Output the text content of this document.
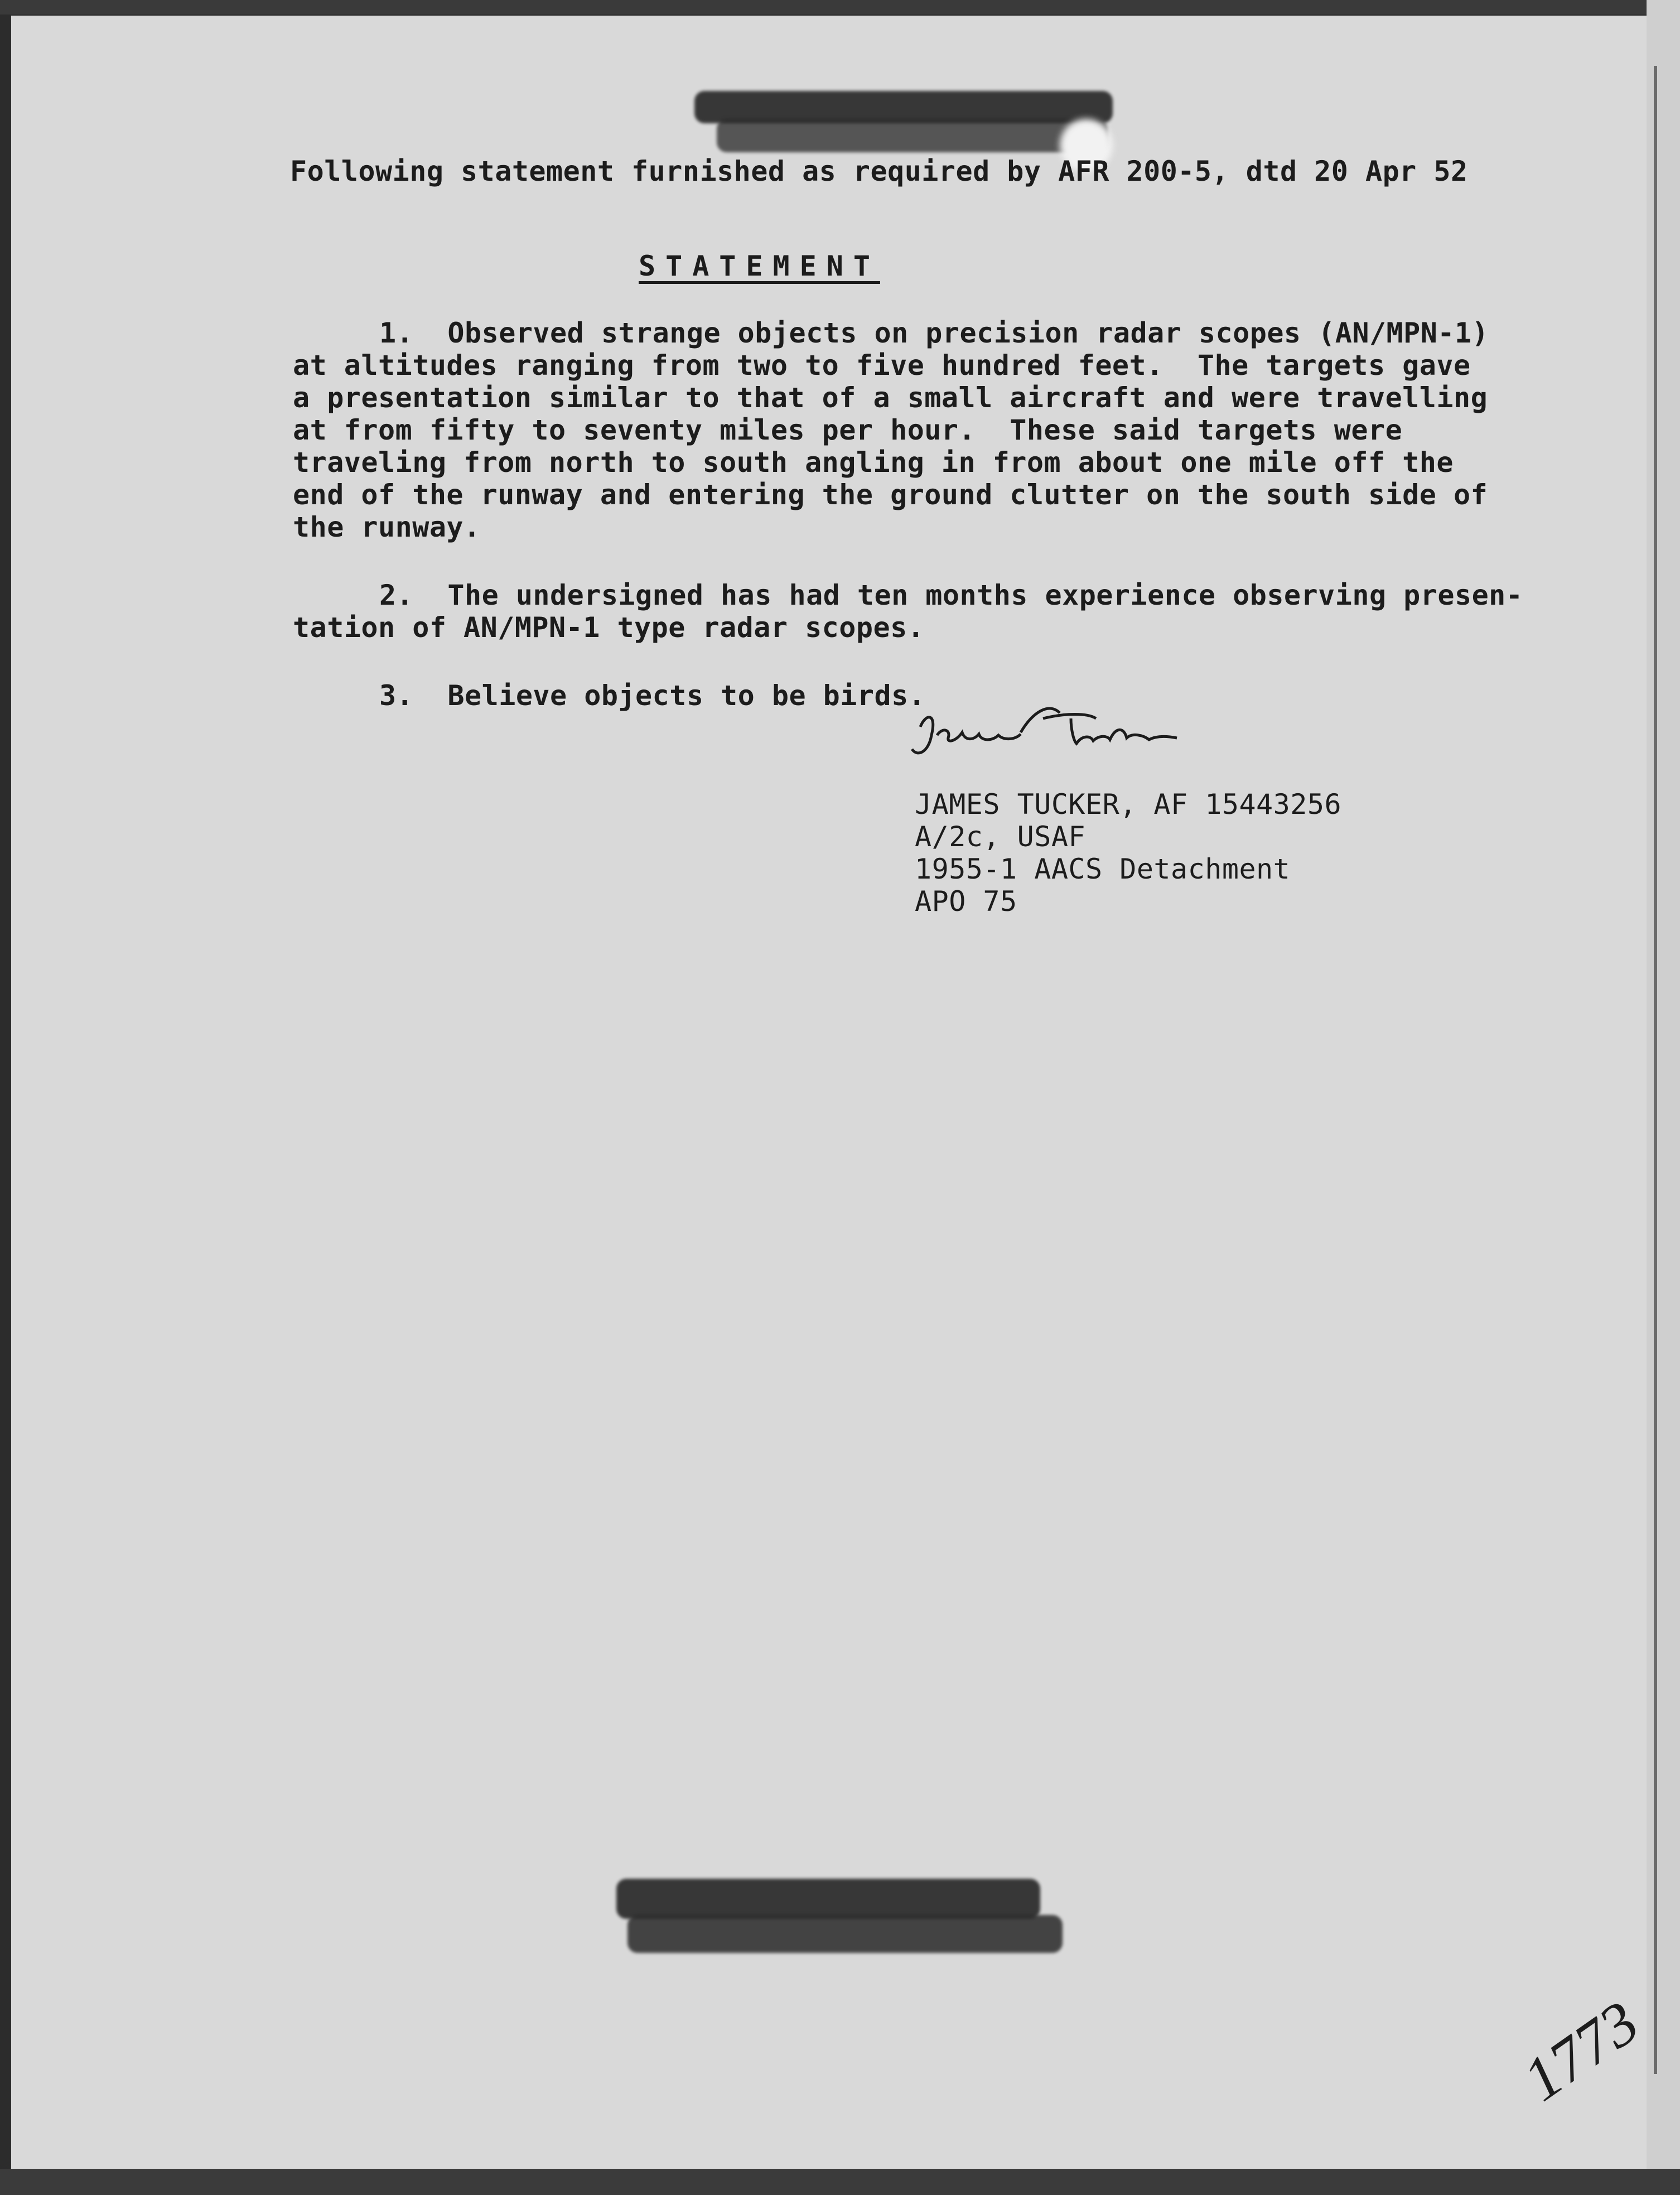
Following statement furnished as required by AFR 200-5, dtd 20 Apr 52
STATEMENT
1.  Observed strange objects on precision radar scopes (AN/MPN-1)
at altitudes ranging from two to five hundred feet.  The targets gave
a presentation similar to that of a small aircraft and were travelling
at from fifty to seventy miles per hour.  These said targets were
traveling from north to south angling in from about one mile off the
end of the runway and entering the ground clutter on the south side of
the runway.
2.  The undersigned has had ten months experience observing presen-
tation of AN/MPN-1 type radar scopes.
3.  Believe objects to be birds.
JAMES TUCKER, AF 15443256
A/2c, USAF
1955-1 AACS Detachment
APO 75
1773
